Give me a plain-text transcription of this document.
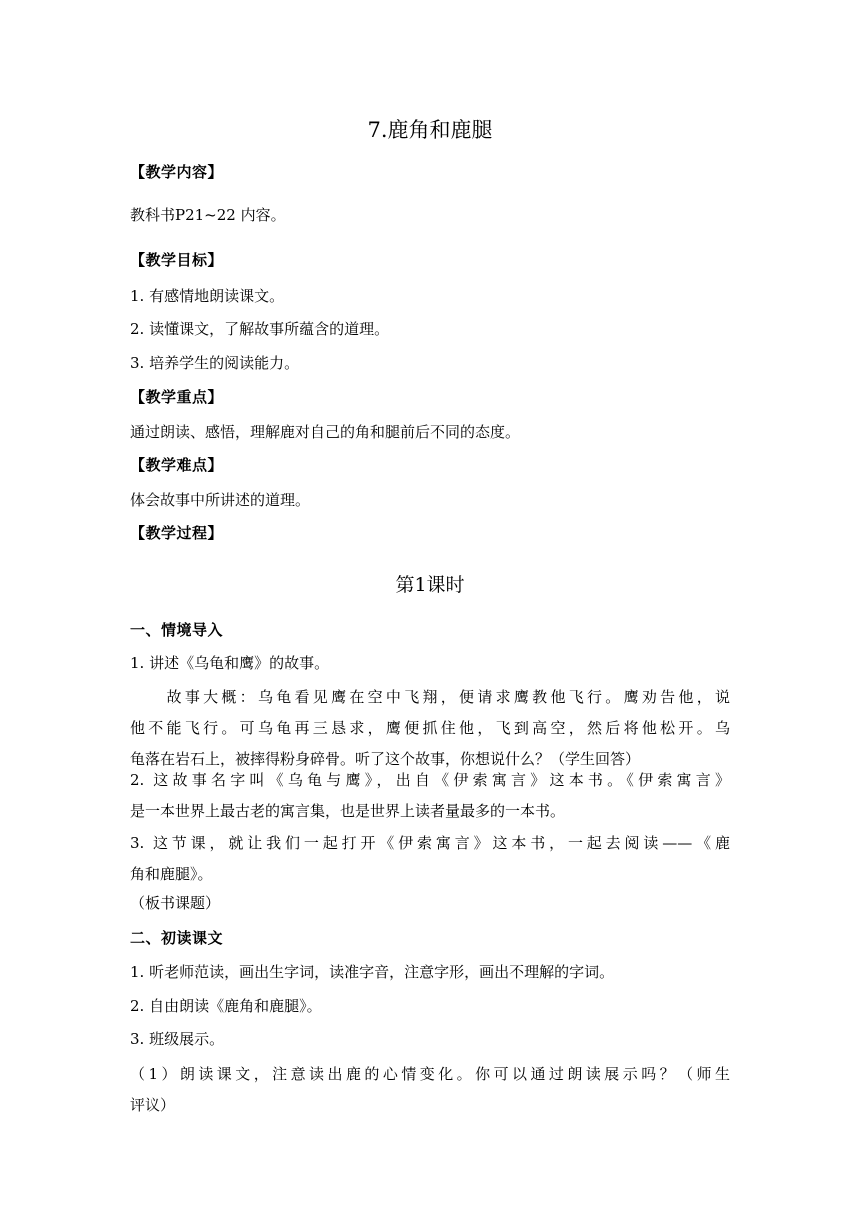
7.鹿角和鹿腿
【教学内容】
教科书P21~22 内容。
【教学目标】
1. 有感情地朗读课文。
2. 读懂课文，了解故事所蕴含的道理。
3. 培养学生的阅读能力。
【教学重点】
通过朗读、感悟，理解鹿对自己的角和腿前后不同的态度。
【教学难点】
体会故事中所讲述的道理。
【教学过程】
第1课时
一、情境导入
1. 讲述《乌龟和鹰》的故事。
　　故事大概：乌龟看见鹰在空中飞翔，便请求鹰教他飞行。鹰劝告他，说
他不能飞行。可乌龟再三恳求，鹰便抓住他，飞到高空，然后将他松开。乌
龟落在岩石上，被摔得粉身碎骨。听了这个故事，你想说什么？（学生回答）
2. 这故事名字叫《乌龟与鹰》，出自《伊索寓言》这本书。《伊索寓言》
是一本世界上最古老的寓言集，也是世界上读者量最多的一本书。
3. 这节课，就让我们一起打开《伊索寓言》这本书，一起去阅读——《鹿
角和鹿腿》。
（板书课题）
二、初读课文
1. 听老师范读，画出生字词，读准字音，注意字形，画出不理解的字词。
2. 自由朗读《鹿角和鹿腿》。
3. 班级展示。
（1）朗读课文，注意读出鹿的心情变化。你可以通过朗读展示吗？（师生
评议）
